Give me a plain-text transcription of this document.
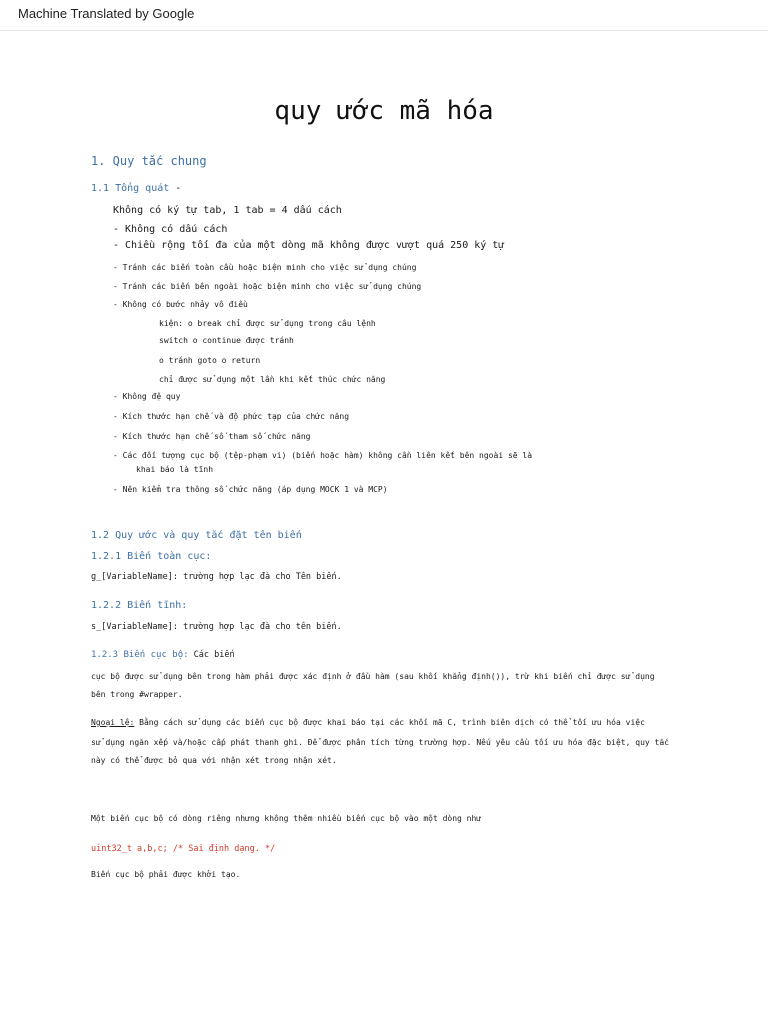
Machine Translated by Google
quy ước mã hóa
1. Quy tắc chung
1.1 Tổng quát -
Không có ký tự tab, 1 tab = 4 dấu cách
- Không có dấu cách
- Chiều rộng tối đa của một dòng mã không được vượt quá 250 ký tự
- Tránh các biến toàn cầu hoặc biện minh cho việc sử dụng chúng
- Tránh các biến bên ngoài hoặc biện minh cho việc sử dụng chúng
- Không có bước nhảy vô điều
kiện: o break chỉ được sử dụng trong câu lệnh
switch o continue được tránh
o tránh goto o return
chỉ được sử dụng một lần khi kết thúc chức năng
- Không đệ quy
- Kích thước hạn chế và độ phức tạp của chức năng
- Kích thước hạn chế số tham số chức năng
- Các đối tượng cục bộ (tệp-phạm vi) (biến hoặc hàm) không cần liên kết bên ngoài sẽ là
khai báo là tĩnh
- Nên kiểm tra thông số chức năng (áp dụng MOCK 1 và MCP)
1.2 Quy ước và quy tắc đặt tên biến
1.2.1 Biến toàn cục:
g_[VariableName]: trường hợp lạc đà cho Tên biến.
1.2.2 Biến tĩnh:
s_[VariableName]: trường hợp lạc đà cho tên biến.
1.2.3 Biến cục bộ: Các biến
cục bộ được sử dụng bên trong hàm phải được xác định ở đầu hàm (sau khối khẳng định()), trừ khi biến chỉ được sử dụng
bên trong #wrapper.
Ngoại lệ: Bằng cách sử dụng các biến cục bộ được khai báo tại các khối mã C, trình biên dịch có thể tối ưu hóa việc
sử dụng ngăn xếp và/hoặc cấp phát thanh ghi. Để được phân tích từng trường hợp. Nếu yêu cầu tối ưu hóa đặc biệt, quy tắc
này có thể được bỏ qua với nhận xét trong nhận xét.
Một biến cục bộ có dòng riêng nhưng không thêm nhiều biến cục bộ vào một dòng như
uint32_t a,b,c; /* Sai định dạng. */
Biến cục bộ phải được khởi tạo.
